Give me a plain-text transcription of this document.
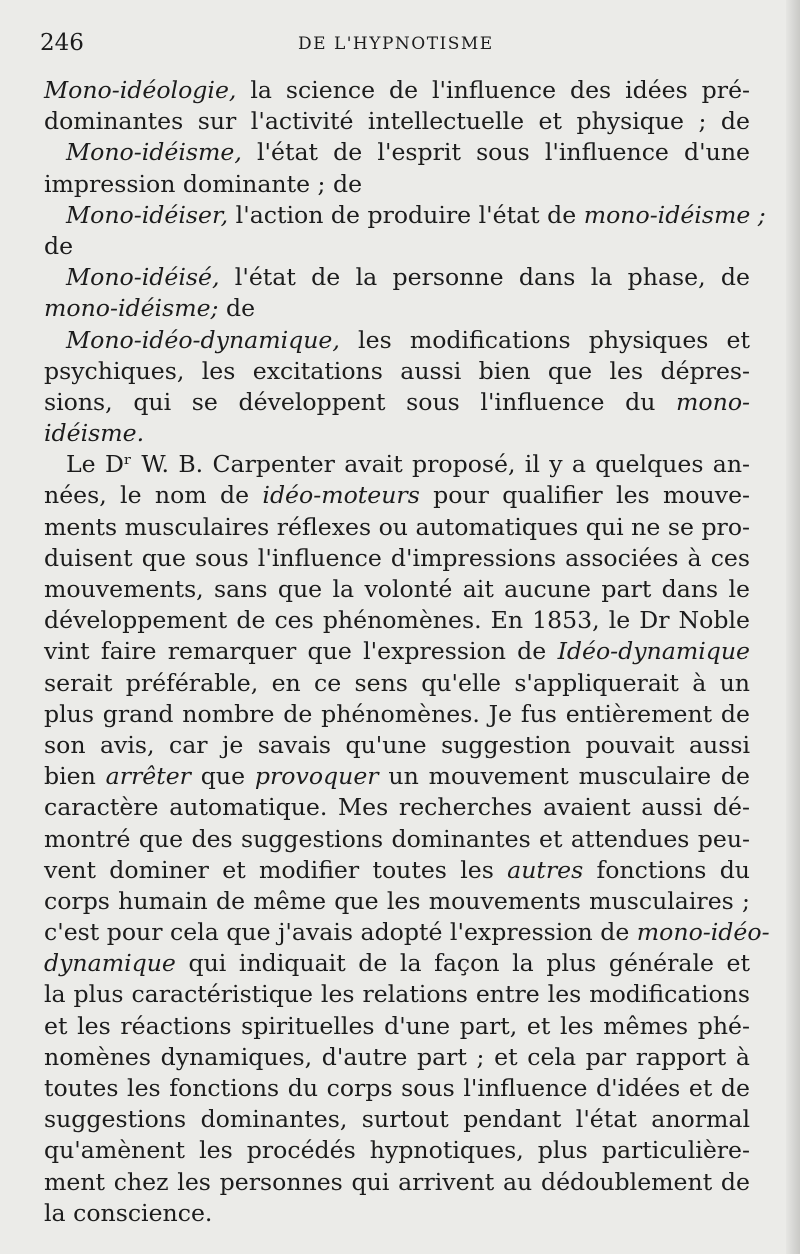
246	DE L'HYPNOTISME
Mono-idéologie, la science de l'influence des idées pré-
dominantes sur l'activité intellectuelle et physique ; de
Mono-idéisme, l'état de l'esprit sous l'influence d'une
impression dominante ; de
Mono-idéiser, l'action de produire l'état de mono-idéisme ;
de
Mono-idéisé, l'état de la personne dans la phase, de
mono-idéisme; de
Mono-idéo-dynamique, les modifications physiques et
psychiques, les excitations aussi bien que les dépres-
sions, qui se développent sous l'influence du mono-
idéisme.
Le Dʳ W. B. Carpenter avait proposé, il y a quelques an-
nées, le nom de idéo-moteurs pour qualifier les mouve-
ments musculaires réflexes ou automatiques qui ne se pro-
duisent que sous l'influence d'impressions associées à ces
mouvements, sans que la volonté ait aucune part dans le
développement de ces phénomènes. En 1853, le Dr Noble
vint faire remarquer que l'expression de Idéo-dynamique
serait préférable, en ce sens qu'elle s'appliquerait à un
plus grand nombre de phénomènes. Je fus entièrement de
son avis, car je savais qu'une suggestion pouvait aussi
bien arrêter que provoquer un mouvement musculaire de
caractère automatique. Mes recherches avaient aussi dé-
montré que des suggestions dominantes et attendues peu-
vent dominer et modifier toutes les autres fonctions du
corps humain de même que les mouvements musculaires ;
c'est pour cela que j'avais adopté l'expression de mono-idéo-
dynamique qui indiquait de la façon la plus générale et
la plus caractéristique les relations entre les modifications
et les réactions spirituelles d'une part, et les mêmes phé-
nomènes dynamiques, d'autre part ; et cela par rapport à
toutes les fonctions du corps sous l'influence d'idées et de
suggestions dominantes, surtout pendant l'état anormal
qu'amènent les procédés hypnotiques, plus particulière-
ment chez les personnes qui arrivent au dédoublement de
la conscience.
